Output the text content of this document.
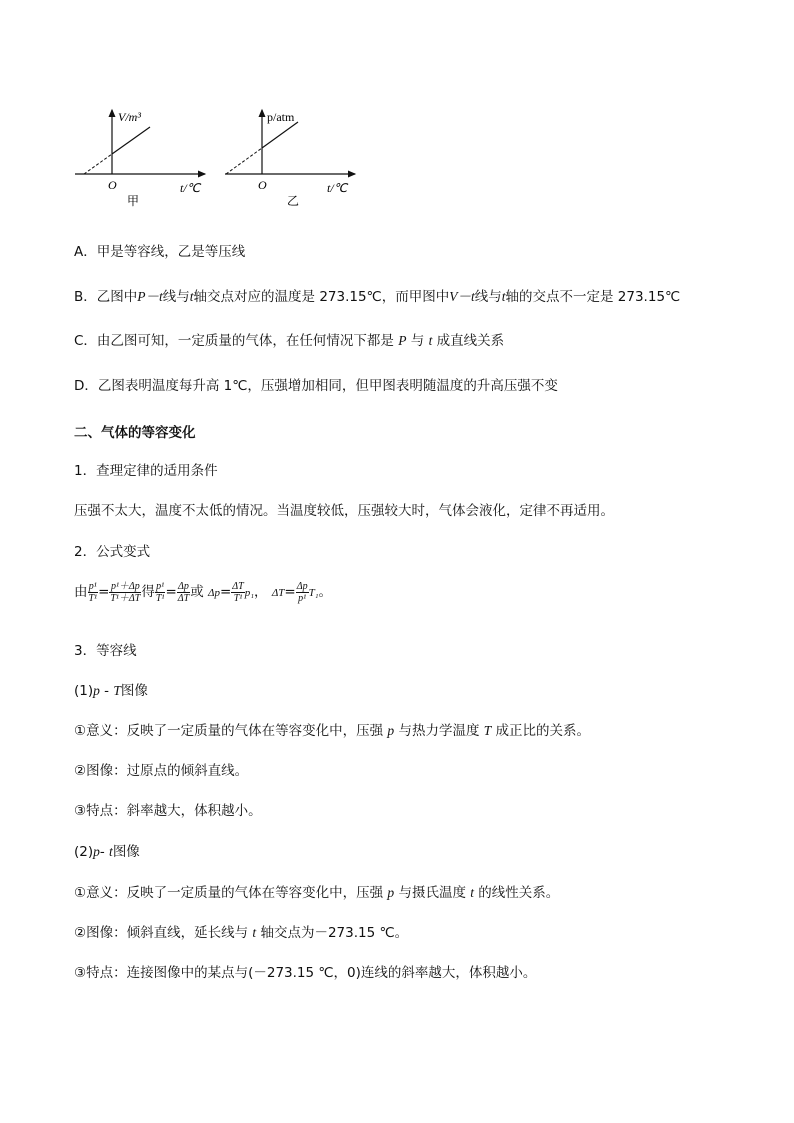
V/m³
O	t/℃
甲
p/atm
O	t/℃
乙
A．甲是等容线，乙是等压线
B．乙图中P－t线与t轴交点对应的温度是 273.15℃，而甲图中V－t线与t轴的交点不一定是 273.15℃
C．由乙图可知，一定质量的气体，在任何情况下都是 P 与 t 成直线关系
D．乙图表明温度每升高 1℃，压强增加相同，但甲图表明随温度的升高压强不变
二、气体的等容变化
1．查理定律的适用条件
压强不太大，温度不太低的情况。当温度较低，压强较大时，气体会液化，定律不再适用。
2．公式变式
由 $\frac{\text{p¹}}{\text{T¹}} = \frac{\text{p¹＋Δp}}{\text{T¹＋ΔT}}$ 得 $\frac{\text{p¹}}{\text{T¹}} = \frac{\Delta p}{\Delta T}$ 或 $\Delta p= \frac{\Delta T}{\text{T¹}} p_1$， $\Delta T= \frac{\Delta p}{\text{p¹}} T_1$。
3．等容线
(1)p - T图像
①意义：反映了一定质量的气体在等容变化中，压强 p 与热力学温度 T 成正比的关系。
②图像：过原点的倾斜直线。
③特点：斜率越大，体积越小。
(2)p- t图像
①意义：反映了一定质量的气体在等容变化中，压强 p 与摄氏温度 t 的线性关系。
②图像：倾斜直线，延长线与 t 轴交点为－273.15 ℃。
③特点：连接图像中的某点与(－273.15 ℃，0)连线的斜率越大，体积越小。
